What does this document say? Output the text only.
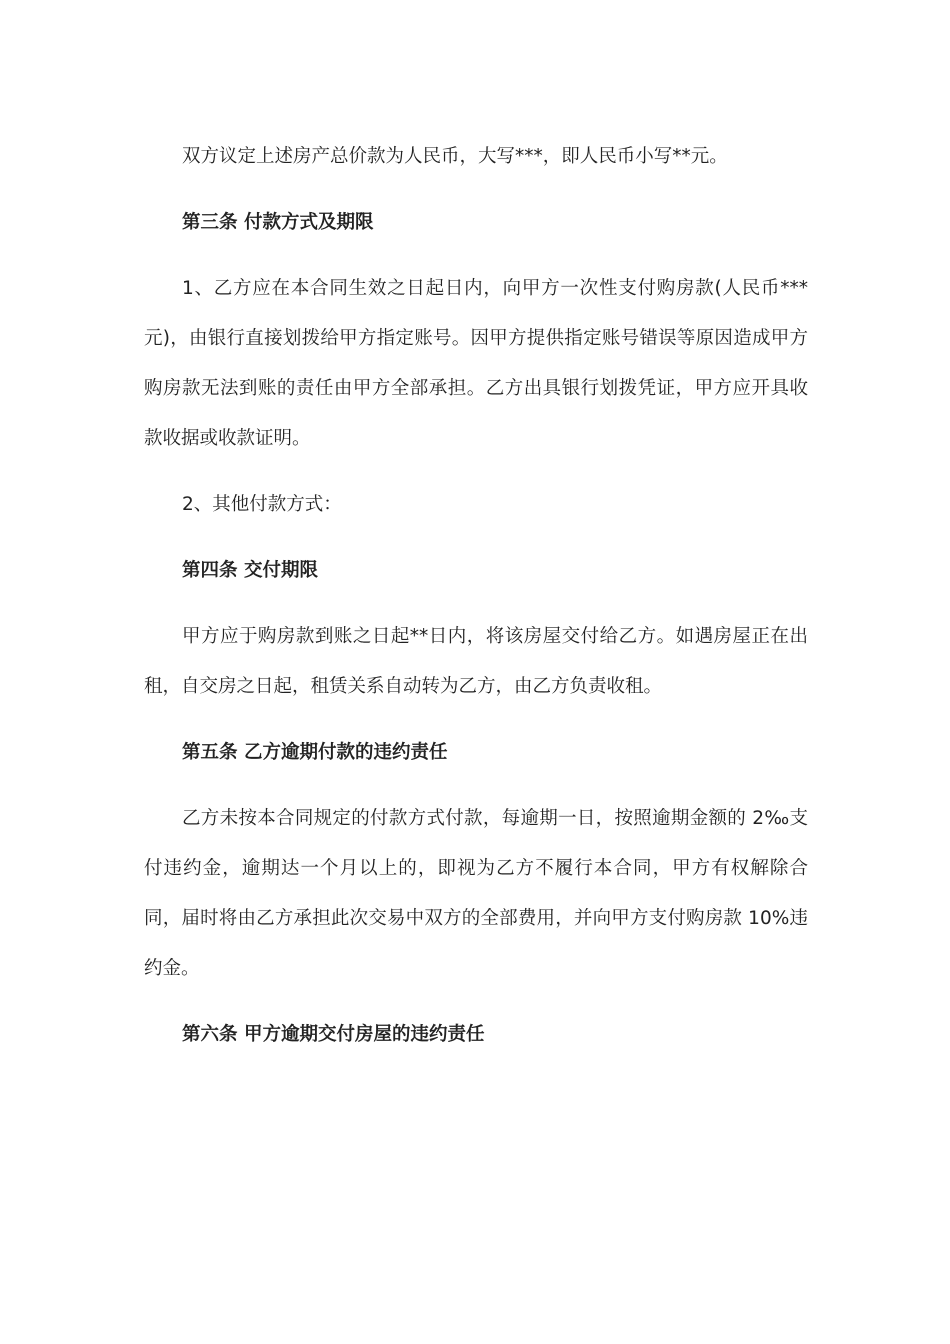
双方议定上述房产总价款为人民币，大写***，即人民币小写**元。

第三条 付款方式及期限

1、乙方应在本合同生效之日起日内，向甲方一次性支付购房款(人民币***元)，由银行直接划拨给甲方指定账号。因甲方提供指定账号错误等原因造成甲方购房款无法到账的责任由甲方全部承担。乙方出具银行划拨凭证，甲方应开具收款收据或收款证明。

2、其他付款方式：

第四条 交付期限

甲方应于购房款到账之日起**日内，将该房屋交付给乙方。如遇房屋正在出租，自交房之日起，租赁关系自动转为乙方，由乙方负责收租。

第五条 乙方逾期付款的违约责任

乙方未按本合同规定的付款方式付款，每逾期一日，按照逾期金额的 2‰支付违约金，逾期达一个月以上的，即视为乙方不履行本合同，甲方有权解除合同，届时将由乙方承担此次交易中双方的全部费用，并向甲方支付购房款 10%违约金。

第六条 甲方逾期交付房屋的违约责任
